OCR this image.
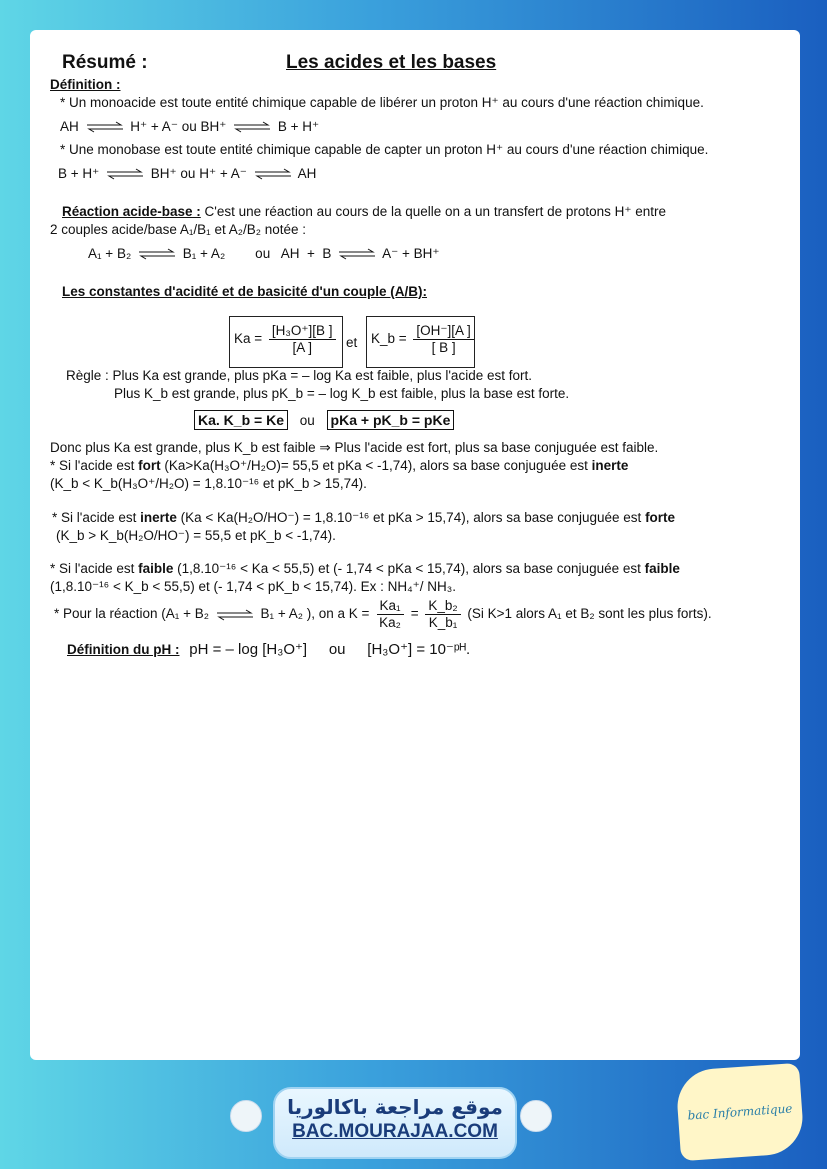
Résumé :	Les acides et les bases
Définition :
* Un monoacide est toute entité chimique capable de libérer un proton H⁺ au cours d'une réaction chimique.
AH ⇌ H⁺ + A⁻ ou BH⁺ ⇌ B + H⁺
* Une monobase est toute entité chimique capable de capter un proton H⁺ au cours d'une réaction chimique.
B + H⁺ ⇌ BH⁺ ou H⁺ + A⁻ ⇌ AH
Réaction acide-base : C'est une réaction au cours de la quelle on a un transfert de protons H⁺ entre
2 couples acide/base A₁/B₁ et A₂/B₂ notée :
A₁ + B₂ ⇌ B₁ + A₂        ou   AH  +  B ⇌ A⁻ + BH⁺
Les constantes d'acidité et de basicité d'un couple (A/B):
$Ka = \frac{\text{[H₃O⁺][B ]}}{[A ]}$ et K_b = $\frac{[OH^-][A ]}{[ B ]}$
Règle : Plus Ka est grande, plus pKa = – log Ka est faible, plus l'acide est fort.
Plus K_b est grande, plus pK_b = – log K_b est faible, plus la base est forte.
Ka. K_b = Ke ou pKa + pK_b = pKe
Donc plus Ka est grande, plus K_b est faible ⇒ Plus l'acide est fort, plus sa base conjuguée est faible.
* Si l'acide est fort (Ka>Ka(H₃O⁺/H₂O)= 55,5 et pKa < -1,74), alors sa base conjuguée est inerte
(K_b < K_b(H₃O⁺/H₂O) = 1,8.10⁻¹⁶ et pK_b > 15,74).
* Si l'acide est inerte (Ka < Ka(H₂O/HO⁻) = 1,8.10⁻¹⁶ et pKa > 15,74), alors sa base conjuguée est forte
(K_b > K_b(H₂O/HO⁻) = 55,5 et pK_b < -1,74).
* Si l'acide est faible (1,8.10⁻¹⁶ < Ka < 55,5) et (- 1,74 < pKa < 15,74), alors sa base conjuguée est faible
(1,8.10⁻¹⁶ < K_b < 55,5) et (- 1,74 < pK_b < 15,74). Ex : NH₄⁺/ NH₃.
* Pour la réaction (A₁ + B₂ ⇌ B₁ + A₂ ), on a $K = \frac{\text{Ka₁}}{\text{Ka₂}} = \frac{\text{K\_b₂}}{\text{K\_b₁}} (Si$ K>1 alors A₁ et B₂ sont les plus forts).
Définition du pH : pH = – log [H₃O⁺] ou [H₃O⁺] = 10⁻ᵖᴴ.
موقع مراجعة باكالوريا
BAC.MOURAJAA.COM
bac Informatique
